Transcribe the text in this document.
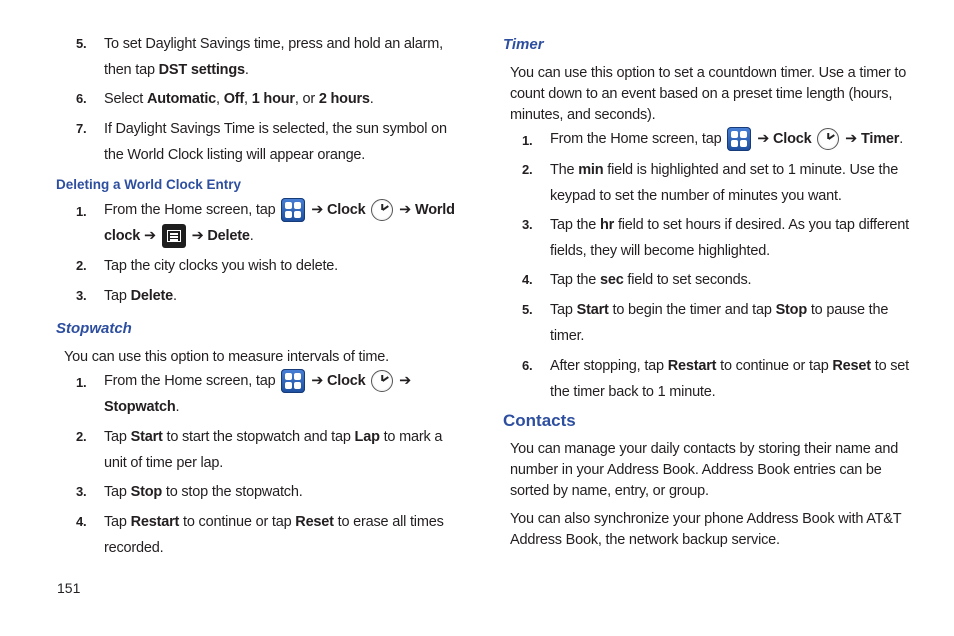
5. To set Daylight Savings time, press and hold an alarm, then tap DST settings.
6. Select Automatic, Off, 1 hour, or 2 hours.
7. If Daylight Savings Time is selected, the sun symbol on the World Clock listing will appear orange.
Deleting a World Clock Entry
1. From the Home screen, tap ➔ Clock ➔ World clock ➔ ➔ Delete.
2. Tap the city clocks you wish to delete.
3. Tap Delete.
Stopwatch
You can use this option to measure intervals of time.
1. From the Home screen, tap ➔ Clock ➔
Stopwatch.
2. Tap Start to start the stopwatch and tap Lap to mark a unit of time per lap.
3. Tap Stop to stop the stopwatch.
4. Tap Restart to continue or tap Reset to erase all times recorded.
151
Timer
You can use this option to set a countdown timer. Use a timer to count down to an event based on a preset time length (hours, minutes, and seconds).
1. From the Home screen, tap ➔ Clock ➔ Timer.
2. The min field is highlighted and set to 1 minute. Use the keypad to set the number of minutes you want.
3. Tap the hr field to set hours if desired. As you tap different fields, they will become highlighted.
4. Tap the sec field to set seconds.
5. Tap Start to begin the timer and tap Stop to pause the timer.
6. After stopping, tap Restart to continue or tap Reset to set the timer back to 1 minute.
Contacts
You can manage your daily contacts by storing their name and number in your Address Book. Address Book entries can be sorted by name, entry, or group.
You can also synchronize your phone Address Book with AT&T Address Book, the network backup service.
